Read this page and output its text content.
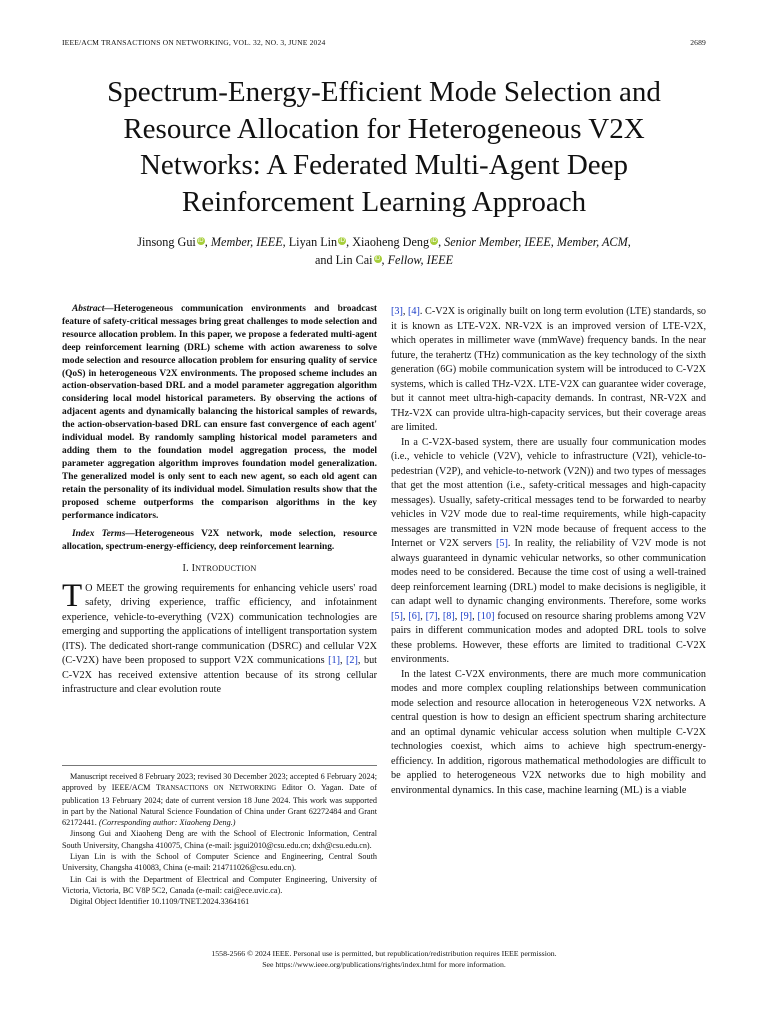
IEEE/ACM TRANSACTIONS ON NETWORKING, VOL. 32, NO. 3, JUNE 2024	2689
Spectrum-Energy-Efficient Mode Selection and Resource Allocation for Heterogeneous V2X Networks: A Federated Multi-Agent Deep Reinforcement Learning Approach
Jinsong Gui iD, Member, IEEE, Liyan Lin iD, Xiaoheng Deng iD, Senior Member, IEEE, Member, ACM,
and Lin Cai iD, Fellow, IEEE

Abstract—Heterogeneous communication environments and broadcast feature of safety-critical messages bring great challenges to mode selection and resource allocation problem. In this paper, we propose a federated multi-agent deep reinforcement learning (DRL) scheme with action awareness to solve mode selection and resource allocation problem for ensuring quality of service (QoS) in heterogeneous V2X environments. The proposed scheme includes an action-observation-based DRL and a model parameter aggregation algorithm considering local model historical parameters. By observing the actions of adjacent agents and dynamically balancing the historical samples of rewards, the action-observation-based DRL can ensure fast convergence of each agent' individual model. By randomly sampling historical model parameters and adding them to the foundation model aggregation process, the model parameter aggregation algorithm improves foundation model generalization. The generalized model is only sent to each new agent, so each old agent can retain the personality of its individual model. Simulation results show that the proposed scheme outperforms the comparison algorithms in the key performance indicators.

Index Terms—Heterogeneous V2X network, mode selection, resource allocation, spectrum-energy-efficiency, deep reinforcement learning.

I. INTRODUCTION

T O MEET the growing requirements for enhancing vehicle users' road safety, driving experience, traffic efficiency, and infotainment experience, vehicle-to-everything (V2X) communication technologies are emerging and supporting the applications of intelligent transportation system (ITS). The dedicated short-range communication (DSRC) and cellular V2X (C-V2X) have been proposed to support V2X communications [1], [2], but C-V2X has received extensive attention because of its strong cellular infrastructure and clear evolution route

Manuscript received 8 February 2023; revised 30 December 2023; accepted 6 February 2024; approved by IEEE/ACM TRANSACTIONS ON NETWORKING Editor O. Yagan. Date of publication 13 February 2024; date of current version 18 June 2024. This work was supported in part by the National Natural Science Foundation of China under Grant 62272484 and Grant 62172441. (Corresponding author: Xiaoheng Deng.)

Jinsong Gui and Xiaoheng Deng are with the School of Electronic Information, Central South University, Changsha 410075, China (e-mail: jsgui2010@csu.edu.cn; dxh@csu.edu.cn).

Liyan Lin is with the School of Computer Science and Engineering, Central South University, Changsha 410083, China (e-mail: 214711026@csu.edu.cn).

Lin Cai is with the Department of Electrical and Computer Engineering, University of Victoria, Victoria, BC V8P 5C2, Canada (e-mail: cai@ece.uvic.ca).

Digital Object Identifier 10.1109/TNET.2024.3364161

[3], [4]. C-V2X is originally built on long term evolution (LTE) standards, so it is known as LTE-V2X. NR-V2X is an improved version of LTE-V2X, which operates in millimeter wave (mmWave) frequency bands. In the near future, the terahertz (THz) communication as the key technology of the sixth generation (6G) mobile communication system will be introduced to C-V2X systems, which is called THz-V2X. LTE-V2X can guarantee wider coverage, but it cannot meet ultra-high-capacity demands. In contrast, NR-V2X and THz-V2X can provide ultra-high-capacity services, but their coverage areas are limited.

In a C-V2X-based system, there are usually four communication modes (i.e., vehicle to vehicle (V2V), vehicle to infrastructure (V2I), vehicle-to-pedestrian (V2P), and vehicle-to-network (V2N)) and two types of messages that get the most attention (i.e., safety-critical messages and high-capacity messages). Usually, safety-critical messages tend to be forwarded to nearby vehicles in V2V mode due to real-time requirements, while high-capacity messages are transmitted in V2N mode because of frequent access to the Internet or V2X servers [5]. In reality, the reliability of V2V mode is not always guaranteed in dynamic vehicular networks, so other communication modes need to be considered. Because the time cost of using a well-trained deep reinforcement learning (DRL) model to make decisions is negligible, it can adapt well to dynamic changing environments. Therefore, some works [5], [6], [7], [8], [9], [10] focused on resource sharing problems among V2V pairs in different communication modes and adopted DRL tools to solve these problems. However, these efforts are limited to traditional C-V2X environments.

In the latest C-V2X environments, there are much more communication modes and more complex coupling relationships between communication mode selection and resource allocation in heterogeneous V2X networks. A central question is how to design an efficient spectrum sharing architecture and an optimal dynamic vehicular access solution when multiple C-V2X technologies coexist, which aims to achieve high spectrum-energy-efficiency. In addition, rigorous mathematical methodologies are difficult to be applied to heterogeneous V2X networks due to high mobility and environmental dynamics. In this case, machine learning (ML) is a viable

1558-2566 © 2024 IEEE. Personal use is permitted, but republication/redistribution requires IEEE permission.
See https://www.ieee.org/publications/rights/index.html for more information.
